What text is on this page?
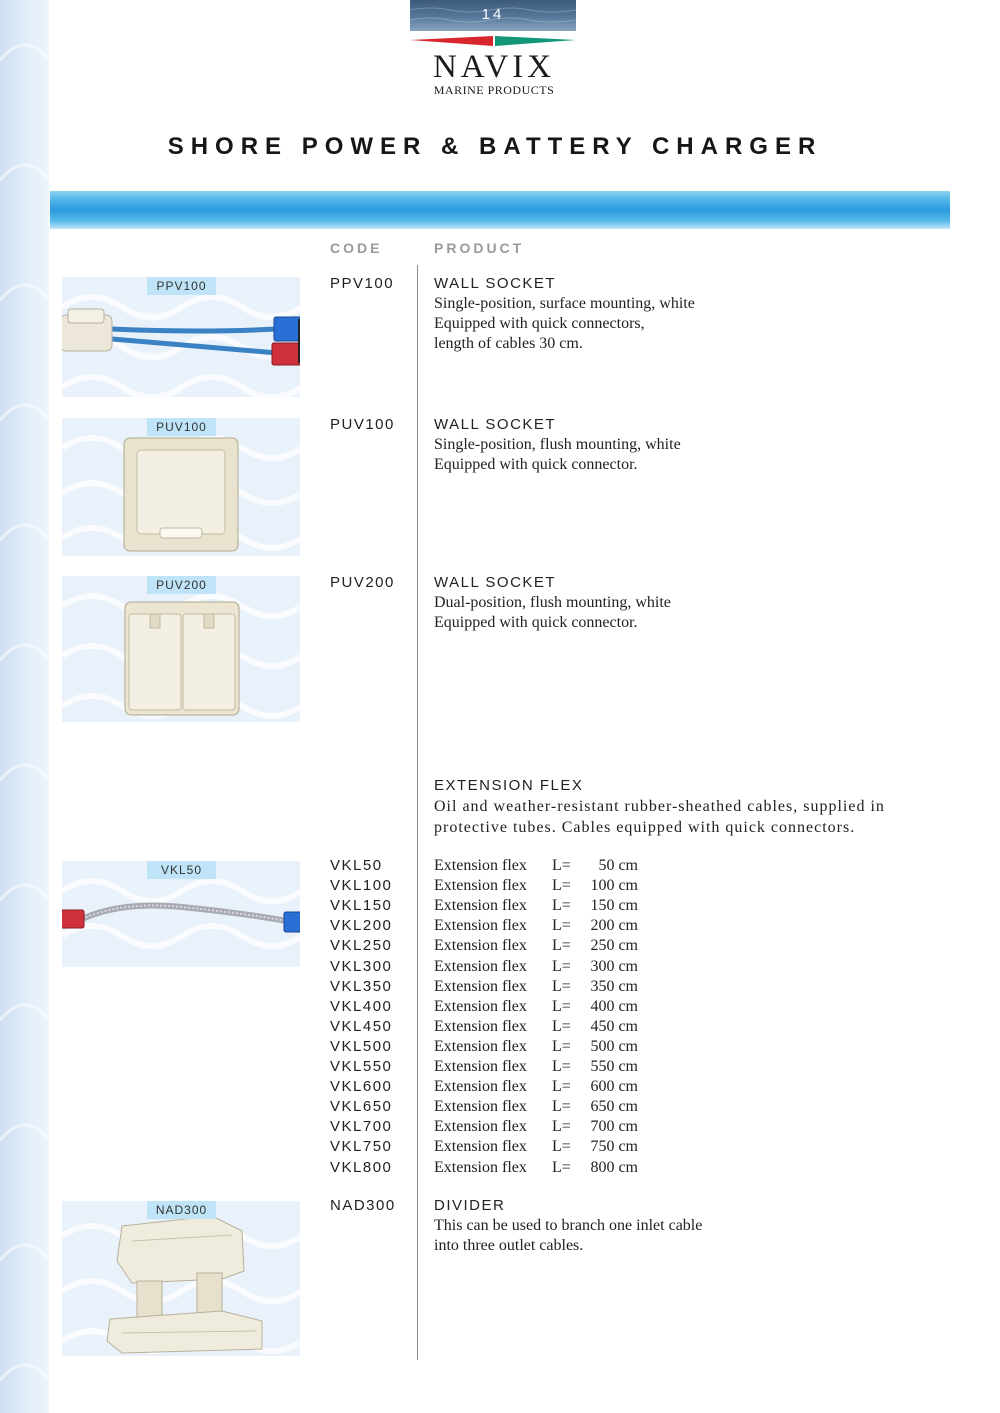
14
NAVIX
MARINE PRODUCTS
SHORE POWER & BATTERY CHARGER
CODE	PRODUCT
PPV100	PPV100	WALL SOCKET
Single-position, surface mounting, white
Equipped with quick connectors,
length of cables 30 cm.
PUV100	PUV100	WALL SOCKET
Single-position, flush mounting, white
Equipped with quick connector.
PUV200	PUV200	WALL SOCKET
Dual-position, flush mounting, white
Equipped with quick connector.
EXTENSION FLEX
Oil and weather-resistant rubber-sheathed cables, supplied in
protective tubes. Cables equipped with quick connectors.
VKL50	VKL50	Extension flex L=	50 cm
VKL100	Extension flex L=	100 cm
VKL150	Extension flex L=	150 cm
VKL200	Extension flex L=	200 cm
VKL250	Extension flex L=	250 cm
VKL300	Extension flex L=	300 cm
VKL350	Extension flex L=	350 cm
VKL400	Extension flex L=	400 cm
VKL450	Extension flex L=	450 cm
VKL500	Extension flex L=	500 cm
VKL550	Extension flex L=	550 cm
VKL600	Extension flex L=	600 cm
VKL650	Extension flex L=	650 cm
VKL700	Extension flex L=	700 cm
VKL750	Extension flex L=	750 cm
VKL800	Extension flex L=	800 cm
NAD300	NAD300	DIVIDER
This can be used to branch one inlet cable
into three outlet cables.
